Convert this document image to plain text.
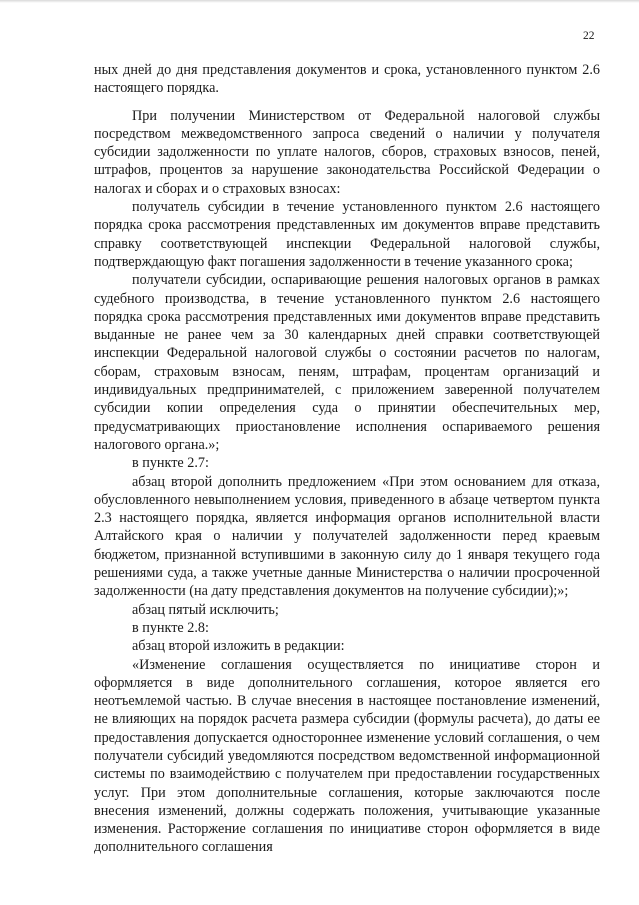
22

ных дней до дня представления документов и срока, установленного пунктом 2.6 настоящего порядка.

При получении Министерством от Федеральной налоговой службы посредством межведомственного запроса сведений о наличии у получателя субсидии задолженности по уплате налогов, сборов, страховых взносов, пеней, штрафов, процентов за нарушение законодательства Российской Федерации о налогах и сборах и о страховых взносах:

получатель субсидии в течение установленного пунктом 2.6 настоящего порядка срока рассмотрения представленных им документов вправе представить справку соответствующей инспекции Федеральной налоговой службы, подтверждающую факт погашения задолженности в течение указанного срока;

получатели субсидии, оспаривающие решения налоговых органов в рамках судебного производства, в течение установленного пунктом 2.6 настоящего порядка срока рассмотрения представленных ими документов вправе представить выданные не ранее чем за 30 календарных дней справки соответствующей инспекции Федеральной налоговой службы о состоянии расчетов по налогам, сборам, страховым взносам, пеням, штрафам, процентам организаций и индивидуальных предпринимателей, с приложением заверенной получателем субсидии копии определения суда о принятии обеспечительных мер, предусматривающих приостановление исполнения оспариваемого решения налогового органа.»;

в пункте 2.7:

абзац второй дополнить предложением «При этом основанием для отказа, обусловленного невыполнением условия, приведенного в абзаце четвертом пункта 2.3 настоящего порядка, является информация органов исполнительной власти Алтайского края о наличии у получателей задолженности перед краевым бюджетом, признанной вступившими в законную силу до 1 января текущего года решениями суда, а также учетные данные Министерства о наличии просроченной задолженности (на дату представления документов на получение субсидии);»;

абзац пятый исключить;

в пункте 2.8:

абзац второй изложить в редакции:

«Изменение соглашения осуществляется по инициативе сторон и оформляется в виде дополнительного соглашения, которое является его неотъемлемой частью. В случае внесения в настоящее постановление изменений, не влияющих на порядок расчета размера субсидии (формулы расчета), до даты ее предоставления допускается одностороннее изменение условий соглашения, о чем получатели субсидий уведомляются посредством ведомственной информационной системы по взаимодействию с получателем при предоставлении государственных услуг. При этом дополнительные соглашения, которые заключаются после внесения изменений, должны содержать положения, учитывающие указанные изменения. Расторжение соглашения по инициативе сторон оформляется в виде дополнительного соглашения
